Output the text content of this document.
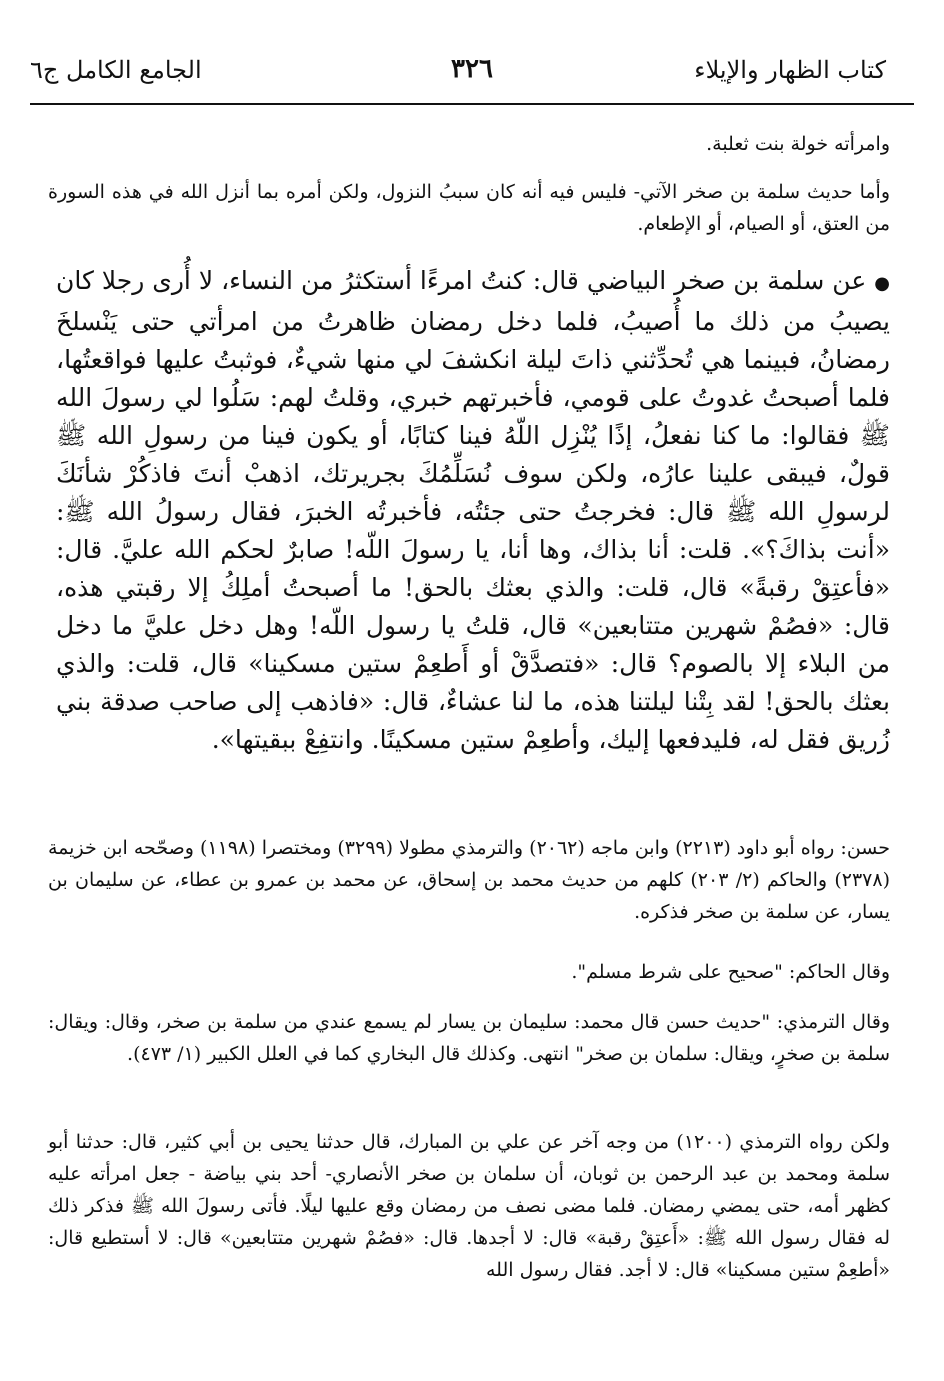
كتاب الظهار والإيلاء
٣٢٦
الجامع الكامل ج٦

وامرأته خولة بنت ثعلبة.

وأما حديث سلمة بن صخر الآتي- فليس فيه أنه كان سببُ النزول، ولكن أمره بما أنزل الله في هذه السورة من العتق، أو الصيام، أو الإطعام.

● عن سلمة بن صخر البياضي قال: كنتُ امرءًا أستكثرُ من النساء، لا أُرى رجلا كان يصيبُ من ذلك ما أُصيبُ، فلما دخل رمضان ظاهرتُ من امرأتي حتى يَنْسلخَ رمضانُ، فبينما هي تُحدِّثني ذاتَ ليلة انكشفَ لي منها شيءٌ، فوثبتُ عليها فواقعتُها، فلما أصبحتُ غدوتُ على قومي، فأخبرتهم خبري، وقلتُ لهم: سَلُوا لي رسولَ الله ﷺ فقالوا: ما كنا نفعلُ، إذًا يُنْزِل اللّهُ فينا كتابًا، أو يكون فينا من رسولِ الله ﷺ قولٌ، فيبقى علينا عارُه، ولكن سوف نُسَلِّمُكَ بجريرتك، اذهبْ أنتَ فاذكُرْ شأنَكَ لرسولِ الله ﷺ قال: فخرجتُ حتى جئتُه، فأخبرتُه الخبرَ، فقال رسولُ الله ﷺ: «أنت بذاكَ؟». قلت: أنا بذاك، وها أنا، يا رسولَ اللّه! صابرٌ لحكم الله عليَّ. قال: «فأعتِقْ رقبةً» قال، قلت: والذي بعثك بالحق! ما أصبحتُ أملِكُ إلا رقبتي هذه، قال: «فصُمْ شهرين متتابعين» قال، قلتُ يا رسول اللّه! وهل دخل عليَّ ما دخل من البلاء إلا بالصوم؟ قال: «فتصدَّقْ أو أَطعِمْ ستين مسكينا» قال، قلت: والذي بعثك بالحق! لقد بِتْنا ليلتنا هذه، ما لنا عشاءٌ، قال: «فاذهب إلى صاحب صدقة بني زُريق فقل له، فليدفعها إليك، وأطعِمْ ستين مسكينًا. وانتفِعْ ببقيتها».

حسن: رواه أبو داود (٢٢١٣) وابن ماجه (٢٠٦٢) والترمذي مطولا (٣٢٩٩) ومختصرا (١١٩٨) وصحّحه ابن خزيمة (٢٣٧٨) والحاكم (٢/ ٢٠٣) كلهم من حديث محمد بن إسحاق، عن محمد بن عمرو بن عطاء، عن سليمان بن يسار، عن سلمة بن صخر فذكره.

وقال الحاكم: "صحيح على شرط مسلم".

وقال الترمذي: "حديث حسن قال محمد: سليمان بن يسار لم يسمع عندي من سلمة بن صخر، وقال: ويقال: سلمة بن صخرٍ، ويقال: سلمان بن صخر" انتهى. وكذلك قال البخاري كما في العلل الكبير (١/ ٤٧٣).

ولكن رواه الترمذي (١٢٠٠) من وجه آخر عن علي بن المبارك، قال حدثنا يحيى بن أبي كثير، قال: حدثنا أبو سلمة ومحمد بن عبد الرحمن بن ثوبان، أن سلمان بن صخر الأنصاري- أحد بني بياضة - جعل امرأته عليه كظهر أمه، حتى يمضي رمضان. فلما مضى نصف من رمضان وقع عليها ليلًا. فأتى رسولَ الله ﷺ فذكر ذلك له فقال رسول الله ﷺ: «أَعتِقْ رقبة» قال: لا أجدها. قال: «فصُمْ شهرين متتابعين» قال: لا أستطيع قال: «أطعِمْ ستين مسكينا» قال: لا أجد. فقال رسول الله
